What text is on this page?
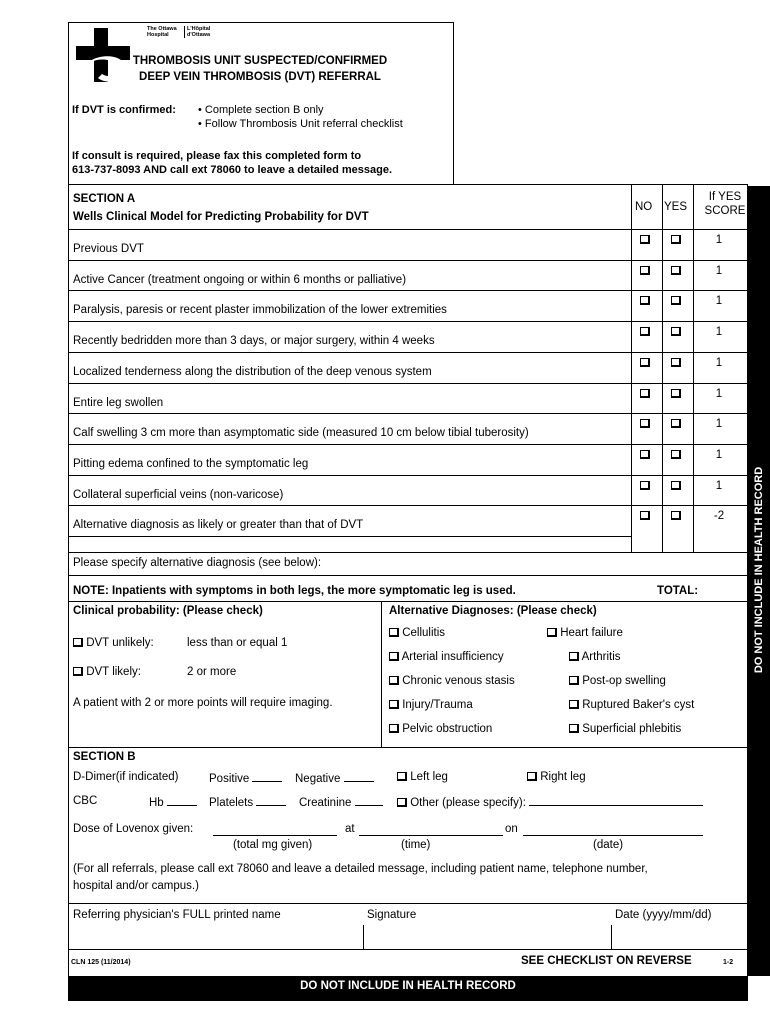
The Ottawa
Hospital
L'Hôpital
d'Ottawa
THROMBOSIS UNIT SUSPECTED/CONFIRMED
DEEP VEIN THROMBOSIS (DVT) REFERRAL
If DVT is confirmed: • Complete section B only
• Follow Thrombosis Unit referral checklist
If consult is required, please fax this completed form to
613-737-8093 AND call ext 78060 to leave a detailed message.
SECTION A
Wells Clinical Model for Predicting Probability for DVT
NO YES
If YES
SCORE
Previous DVT
1
Active Cancer (treatment ongoing or within 6 months or palliative)
1
Paralysis, paresis or recent plaster immobilization of the lower extremities
1
Recently bedridden more than 3 days, or major surgery, within 4 weeks
1
Localized tenderness along the distribution of the deep venous system
1
Entire leg swollen
1
Calf swelling 3 cm more than asymptomatic side (measured 10 cm below tibial tuberosity)
1
Pitting edema confined to the symptomatic leg
1
Collateral superficial veins (non-varicose)
1
Alternative diagnosis as likely or greater than that of DVT
-2
Please specify alternative diagnosis (see below):
NOTE: Inpatients with symptoms in both legs, the more symptomatic leg is used.	TOTAL:
Clinical probability: (Please check)
DVT unlikely:	less than or equal 1
DVT likely:	2 or more
A patient with 2 or more points will require imaging.
Alternative Diagnoses: (Please check)
Cellulitis
Arterial insufficiency
Chronic venous stasis
Injury/Trauma
Pelvic obstruction
Heart failure
Arthritis
Post-op swelling
Ruptured Baker's cyst
Superficial phlebitis
SECTION B
D-Dimer(if indicated)	Positive	Negative	Left leg	Right leg
CBC	Hb	Platelets	Creatinine	Other (please specify):
Dose of Lovenox given:	at	on
(total mg given)	(time)	(date)
(For all referrals, please call ext 78060 and leave a detailed message, including patient name, telephone number,
hospital and/or campus.)
Referring physician's FULL printed name	Signature	Date (yyyy/mm/dd)
CLN 125 (11/2014)	SEE CHECKLIST ON REVERSE	1-2
DO NOT INCLUDE IN HEALTH RECORD
DO NOT INCLUDE IN HEALTH RECORD
